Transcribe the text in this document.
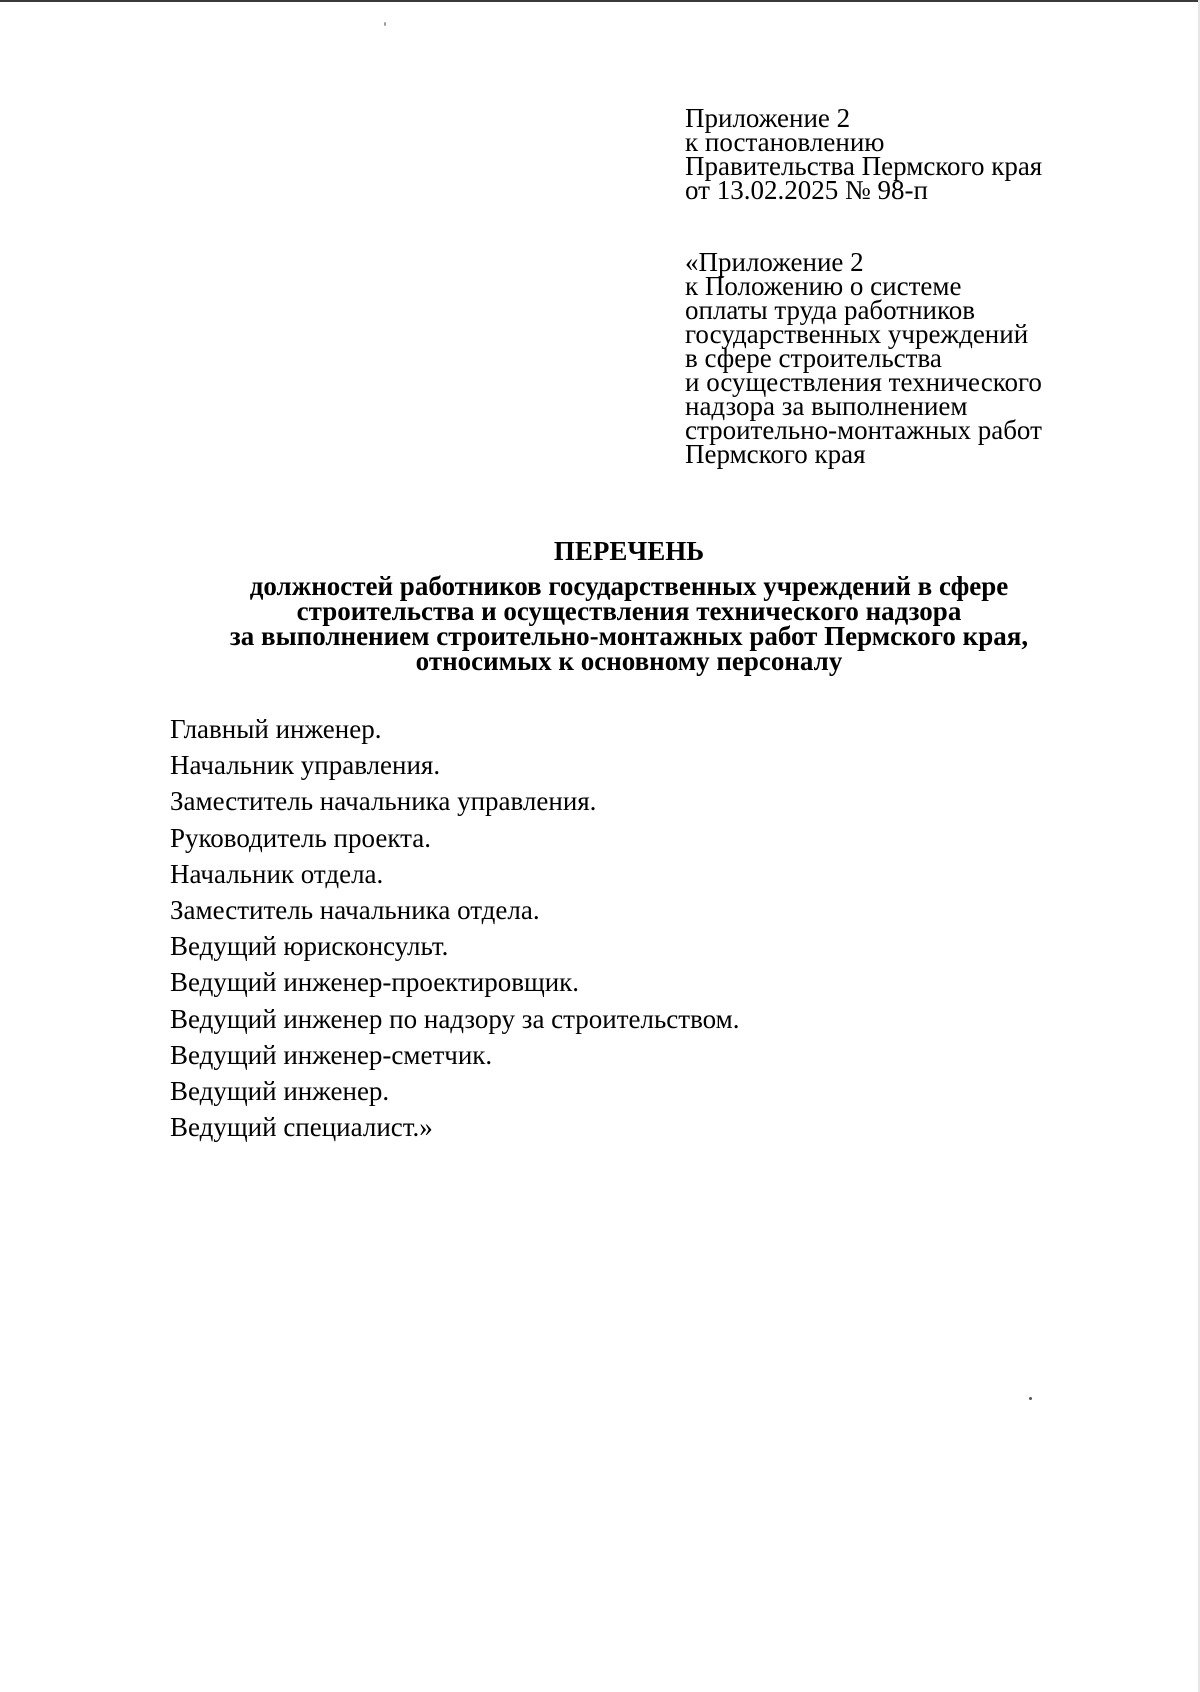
Приложение 2
к постановлению
Правительства Пермского края
от 13.02.2025 № 98-п
«Приложение 2
к Положению о системе
оплаты труда работников
государственных учреждений
в сфере строительства
и осуществления технического
надзора за выполнением
строительно-монтажных работ
Пермского края
ПЕРЕЧЕНЬ
должностей работников государственных учреждений в сфере
строительства и осуществления технического надзора
за выполнением строительно-монтажных работ Пермского края,
относимых к основному персоналу
Главный инженер.
Начальник управления.
Заместитель начальника управления.
Руководитель проекта.
Начальник отдела.
Заместитель начальника отдела.
Ведущий юрисконсульт.
Ведущий инженер-проектировщик.
Ведущий инженер по надзору за строительством.
Ведущий инженер-сметчик.
Ведущий инженер.
Ведущий специалист.»
